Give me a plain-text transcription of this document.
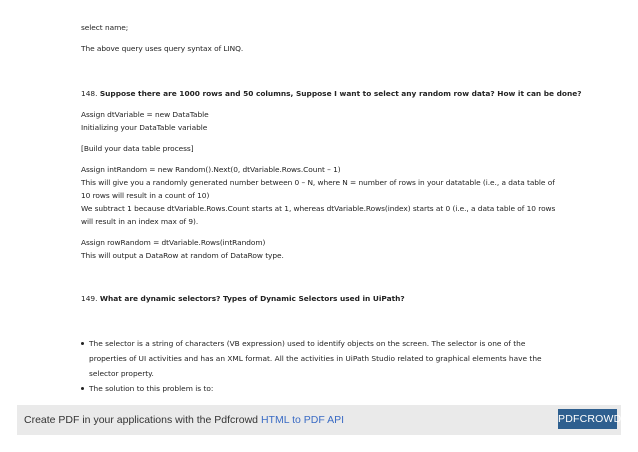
select name;
The above query uses query syntax of LINQ.
148. Suppose there are 1000 rows and 50 columns, Suppose I want to select any random row data? How it can be done?
Assign dtVariable = new DataTable
Initializing your DataTable variable
[Build your data table process]
Assign intRandom = new Random().Next(0, dtVariable.Rows.Count – 1)
This will give you a randomly generated number between 0 – N, where N = number of rows in your datatable (i.e., a data table of
10 rows will result in a count of 10)
We subtract 1 because dtVariable.Rows.Count starts at 1, whereas dtVariable.Rows(index) starts at 0 (i.e., a data table of 10 rows
will result in an index max of 9).
Assign rowRandom = dtVariable.Rows(intRandom)
This will output a DataRow at random of DataRow type.
149. What are dynamic selectors? Types of Dynamic Selectors used in UiPath?
The selector is a string of characters (VB expression) used to identify objects on the screen. The selector is one of the
properties of UI activities and has an XML format. All the activities in UiPath Studio related to graphical elements have the
selector property.
The solution to this problem is to:
Create PDF in your applications with the Pdfcrowd HTML to PDF API	PDFCROWD
